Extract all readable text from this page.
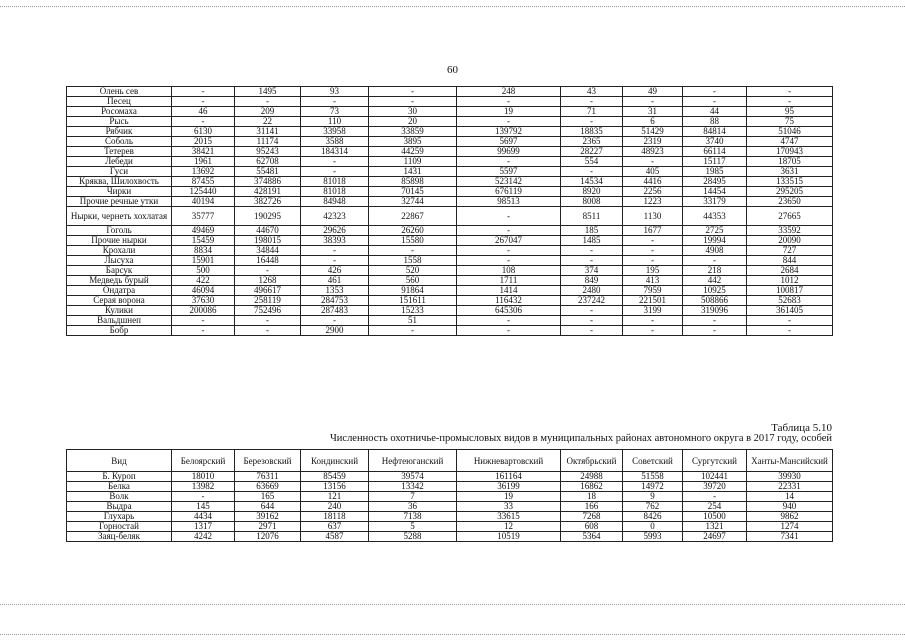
60
Олень сев	-	1495	93	-	248	43	49	-	-
Песец	-	-	-	-	-	-	-	-	-
Росомаха	46	209	73	30	19	71	31	44	95
Рысь	-	22	110	20	-	-	6	88	75
Рябчик	6130	31141	33958	33859	139792	18835	51429	84814	51046
Соболь	2015	11174	3588	3895	5697	2365	2319	3740	4747
Тетерев	38421	95243	184314	44259	99699	28227	48923	66114	170943
Лебеди	1961	62708	-	1109	-	554	-	15117	18705
Гуси	13692	55481	-	1431	5597	-	405	1985	3631
Кряква, Шилохвость	87455	374886	81018	85898	523142	14534	4416	28495	133515
Чирки	125440	428191	81018	70145	676119	8920	2256	14454	295205
Прочие речные утки	40194	382726	84948	32744	98513	8008	1223	33179	23650
Нырки, чернеть хохлатая	35777	190295	42323	22867	-	8511	1130	44353	27665
Гоголь	49469	44670	29626	26260	-	185	1677	2725	33592
Прочие нырки	15459	198015	38393	15580	267047	1485	-	19994	20090
Крохали	8834	34844	-	-	-	-	-	4908	727
Лысуха	15901	16448	-	1558	-	-	-	-	844
Барсук	500	-	426	520	108	374	195	218	2684
Медведь бурый	422	1268	461	560	1711	849	413	442	1012
Ондатра	46094	496617	1353	91864	1414	2480	7959	10925	100817
Серая ворона	37630	258119	284753	151611	116432	237242	221501	508866	52683
Кулики	200086	752496	287483	15233	645306	-	3199	319096	361405
Вальдшнеп	-	-	-	51	-	-	-	-	-
Бобр	-	-	2900	-	-	-	-	-	-
Таблица 5.10
Численность охотничье-промысловых видов в муниципальных районах автономного округа в 2017 году, особей
Вид	Белоярский	Березовский	Кондинский	Нефтеюганский	Нижневартовский	Октябрьский	Советский	Сургутский	Ханты-Мансийский
Б. Куроп	18010	76311	85459	39574	161164	24988	51558	102441	39930
Белка	13982	63669	13156	13342	36199	16862	14972	39720	22331
Волк	-	165	121	7	19	18	9	-	14
Выдра	145	644	240	36	33	166	762	254	940
Глухарь	4434	39162	18118	7138	33615	7268	8426	10500	9862
Горностай	1317	2971	637	5	12	608	0	1321	1274
Заяц-беляк	4242	12076	4587	5288	10519	5364	5993	24697	7341
